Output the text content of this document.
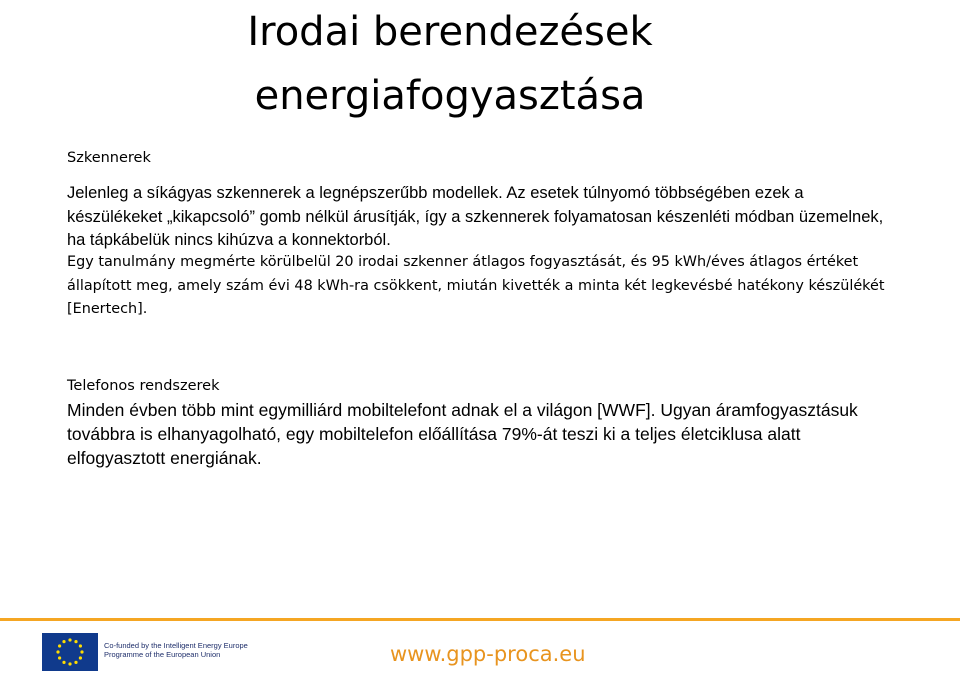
Irodai berendezések
energiafogyasztása
Szkennerek

Jelenleg a síkágyas szkennerek a legnépszerűbb modellek. Az esetek túlnyomó többségében ezek a készülékeket „kikapcsoló” gomb nélkül árusítják, így a szkennerek folyamatosan készenléti módban üzemelnek, ha tápkábelük nincs kihúzva a konnektorból.

Egy tanulmány megmérte körülbelül 20 irodai szkenner átlagos fogyasztását, és 95 kWh/éves átlagos értéket állapított meg, amely szám évi 48 kWh-ra csökkent, miután kivették a minta két legkevésbé hatékony készülékét [Enertech].

Telefonos rendszerek

Minden évben több mint egymilliárd mobiltelefont adnak el a világon [WWF]. Ugyan áramfogyasztásuk továbbra is elhanyagolható, egy mobiltelefon előállítása 79%-át teszi ki a teljes életciklusa alatt elfogyasztott energiának.

Co-funded by the Intelligent Energy Europe
Programme of the European Union	www.gpp-proca.eu
